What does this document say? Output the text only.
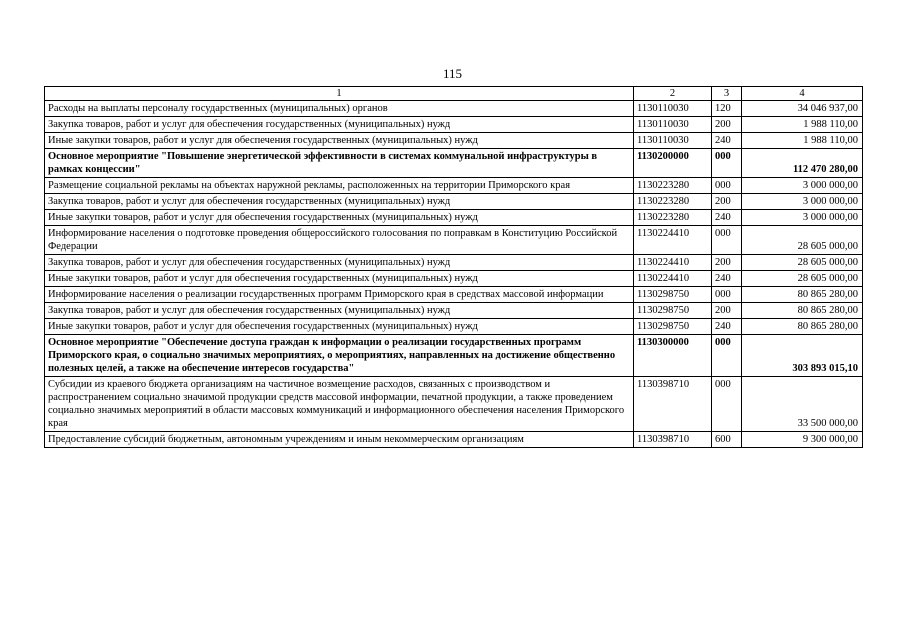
115
1	2	3	4
Расходы на выплаты персоналу государственных (муниципальных) органов	1130110030	120	34 046 937,00
Закупка товаров, работ и услуг для обеспечения государственных (муниципальных) нужд	1130110030	200	1 988 110,00
Иные закупки товаров, работ и услуг для обеспечения государственных (муниципальных) нужд	1130110030	240	1 988 110,00
Основное мероприятие "Повышение энергетической эффективности в системах коммунальной инфраструктуры в рамках концессии"	1130200000	000	112 470 280,00
Размещение социальной рекламы на объектах наружной рекламы, расположенных на территории Приморского края	1130223280	000	3 000 000,00
Закупка товаров, работ и услуг для обеспечения государственных (муниципальных) нужд	1130223280	200	3 000 000,00
Иные закупки товаров, работ и услуг для обеспечения государственных (муниципальных) нужд	1130223280	240	3 000 000,00
Информирование населения о подготовке проведения общероссийского голосования по поправкам в Конституцию Российской Федерации	1130224410	000	28 605 000,00
Закупка товаров, работ и услуг для обеспечения государственных (муниципальных) нужд	1130224410	200	28 605 000,00
Иные закупки товаров, работ и услуг для обеспечения государственных (муниципальных) нужд	1130224410	240	28 605 000,00
Информирование населения о реализации государственных программ Приморского края в средствах массовой информации	1130298750	000	80 865 280,00
Закупка товаров, работ и услуг для обеспечения государственных (муниципальных) нужд	1130298750	200	80 865 280,00
Иные закупки товаров, работ и услуг для обеспечения государственных (муниципальных) нужд	1130298750	240	80 865 280,00
Основное мероприятие "Обеспечение доступа граждан к информации о реализации государственных программ Приморского края, о социально значимых мероприятиях, о мероприятиях, направленных на достижение общественно полезных целей, а также на обеспечение интересов государства"	1130300000	000	303 893 015,10
Субсидии из краевого бюджета организациям на частичное возмещение расходов, связанных с производством и распространением социально значимой продукции средств массовой информации, печатной продукции, а также проведением социально значимых мероприятий в области массовых коммуникаций и информационного обеспечения населения Приморского края	1130398710	000	33 500 000,00
Предоставление субсидий бюджетным, автономным учреждениям и иным некоммерческим организациям	1130398710	600	9 300 000,00
